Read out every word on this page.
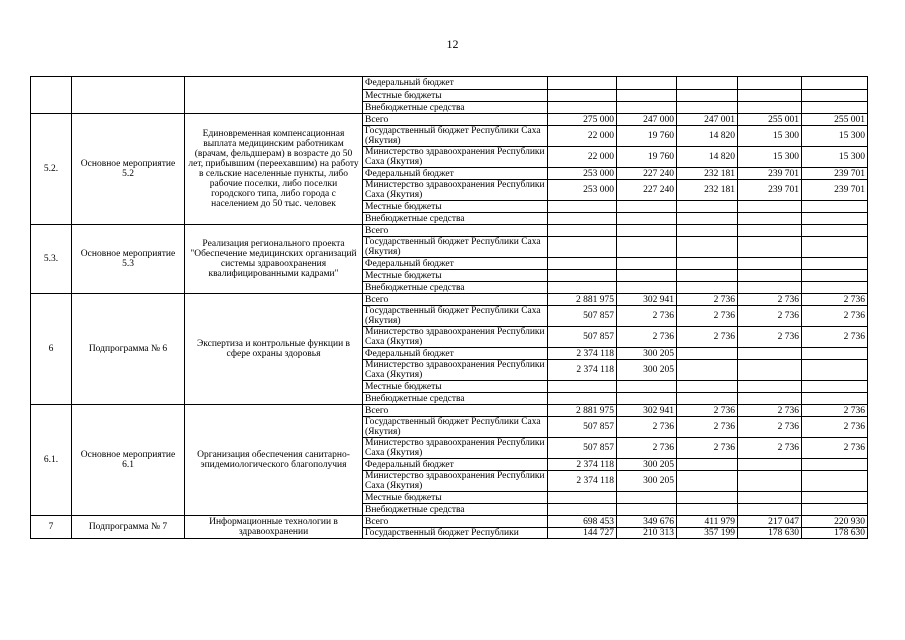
12
			Федеральный бюджет					
			Местные бюджеты					
			Внебюджетные средства					
5.2.	Основное мероприятие 5.2	Единовременная компенсационная выплата медицинским работникам (врачам, фельдшерам) в возрасте до 50 лет, прибывшим (переехавшим) на работу в сельские населенные пункты, либо рабочие поселки, либо поселки городского типа, либо города с населением до 50 тыс. человек	Всего	275 000	247 000	247 001	255 001	255 001
			Государственный бюджет Республики Саха (Якутия)	22 000	19 760	14 820	15 300	15 300
			Министерство здравоохранения Республики Саха (Якутия)	22 000	19 760	14 820	15 300	15 300
			Федеральный бюджет	253 000	227 240	232 181	239 701	239 701
			Министерство здравоохранения Республики Саха (Якутия)	253 000	227 240	232 181	239 701	239 701
			Местные бюджеты					
			Внебюджетные средства					
5.3.	Основное мероприятие 5.3	Реализация регионального проекта "Обеспечение медицинских организаций системы здравоохранения квалифицированными кадрами"	Всего					
			Государственный бюджет Республики Саха (Якутия)					
			Федеральный бюджет					
			Местные бюджеты					
			Внебюджетные средства					
6	Подпрограмма № 6	Экспертиза и контрольные функции в сфере охраны здоровья	Всего	2 881 975	302 941	2 736	2 736	2 736
			Государственный бюджет Республики Саха (Якутия)	507 857	2 736	2 736	2 736	2 736
			Министерство здравоохранения Республики Саха (Якутия)	507 857	2 736	2 736	2 736	2 736
			Федеральный бюджет	2 374 118	300 205			
			Министерство здравоохранения Республики Саха (Якутия)	2 374 118	300 205			
			Местные бюджеты					
			Внебюджетные средства					
6.1.	Основное мероприятие 6.1	Организация обеспечения санитарно-эпидемиологического благополучия	Всего	2 881 975	302 941	2 736	2 736	2 736
			Государственный бюджет Республики Саха (Якутия)	507 857	2 736	2 736	2 736	2 736
			Министерство здравоохранения Республики Саха (Якутия)	507 857	2 736	2 736	2 736	2 736
			Федеральный бюджет	2 374 118	300 205			
			Министерство здравоохранения Республики Саха (Якутия)	2 374 118	300 205			
			Местные бюджеты					
			Внебюджетные средства					
7	Подпрограмма № 7	Информационные технологии в здравоохранении	Всего	698 453	349 676	411 979	217 047	220 930
			Государственный бюджет Республики	144 727	210 313	357 199	178 630	178 630
